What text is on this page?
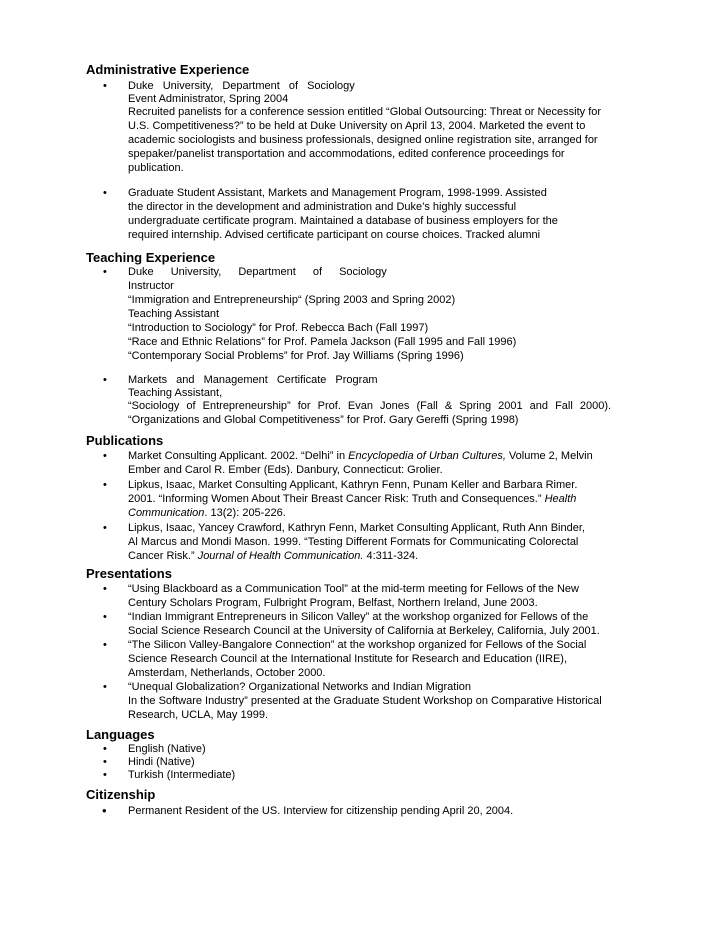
Administrative Experience
• Duke University, Department of Sociology

Event Administrator, Spring 2004

Recruited panelists for a conference session entitled “Global Outsourcing: Threat or Necessity for

U.S. Competitiveness?” to be held at Duke University on April 13, 2004. Marketed the event to

academic sociologists and business professionals, designed online registration site, arranged for

spepaker/panelist transportation and accommodations, edited conference proceedings for

publication.

• Graduate Student Assistant, Markets and Management Program, 1998-1999. Assisted

the director in the development and administration and Duke’s highly successful

undergraduate certificate program. Maintained a database of business employers for the

required internship. Advised certificate participant on course choices. Tracked alumni

Teaching Experience
• Duke University, Department of Sociology

Instructor

“Immigration and Entrepreneurship“ (Spring 2003 and Spring 2002)

Teaching Assistant

“Introduction to Sociology” for Prof. Rebecca Bach (Fall 1997)

“Race and Ethnic Relations” for Prof. Pamela Jackson (Fall 1995 and Fall 1996)

“Contemporary Social Problems” for Prof. Jay Williams (Spring 1996)

• Markets and Management Certificate Program

Teaching Assistant,

“Sociology of Entrepreneurship” for Prof. Evan Jones (Fall & Spring 2001 and Fall 2000).

“Organizations and Global Competitiveness” for Prof. Gary Gereffi (Spring 1998)

Publications
• Market Consulting Applicant. 2002. “Delhi” in Encyclopedia of Urban Cultures, Volume 2, Melvin

Ember and Carol R. Ember (Eds). Danbury, Connecticut: Grolier.

• Lipkus, Isaac, Market Consulting Applicant, Kathryn Fenn, Punam Keller and Barbara Rimer.

2001. “Informing Women About Their Breast Cancer Risk: Truth and Consequences.” Health

Communication. 13(2): 205-226.

• Lipkus, Isaac, Yancey Crawford, Kathryn Fenn, Market Consulting Applicant, Ruth Ann Binder,

Al Marcus and Mondi Mason. 1999. “Testing Different Formats for Communicating Colorectal

Cancer Risk.” Journal of Health Communication. 4:311-324.

Presentations
• “Using Blackboard as a Communication Tool” at the mid-term meeting for Fellows of the New

Century Scholars Program, Fulbright Program, Belfast, Northern Ireland, June 2003.

• “Indian Immigrant Entrepreneurs in Silicon Valley” at the workshop organized for Fellows of the

Social Science Research Council at the University of California at Berkeley, California, July 2001.

• “The Silicon Valley-Bangalore Connection” at the workshop organized for Fellows of the Social

Science Research Council at the International Institute for Research and Education (IIRE),

Amsterdam, Netherlands, October 2000.

• “Unequal Globalization? Organizational Networks and Indian Migration

In the Software Industry” presented at the Graduate Student Workshop on Comparative Historical

Research, UCLA, May 1999.

Languages
• English (Native)

• Hindi (Native)

• Turkish (Intermediate)

Citizenship
• Permanent Resident of the US. Interview for citizenship pending April 20, 2004.
